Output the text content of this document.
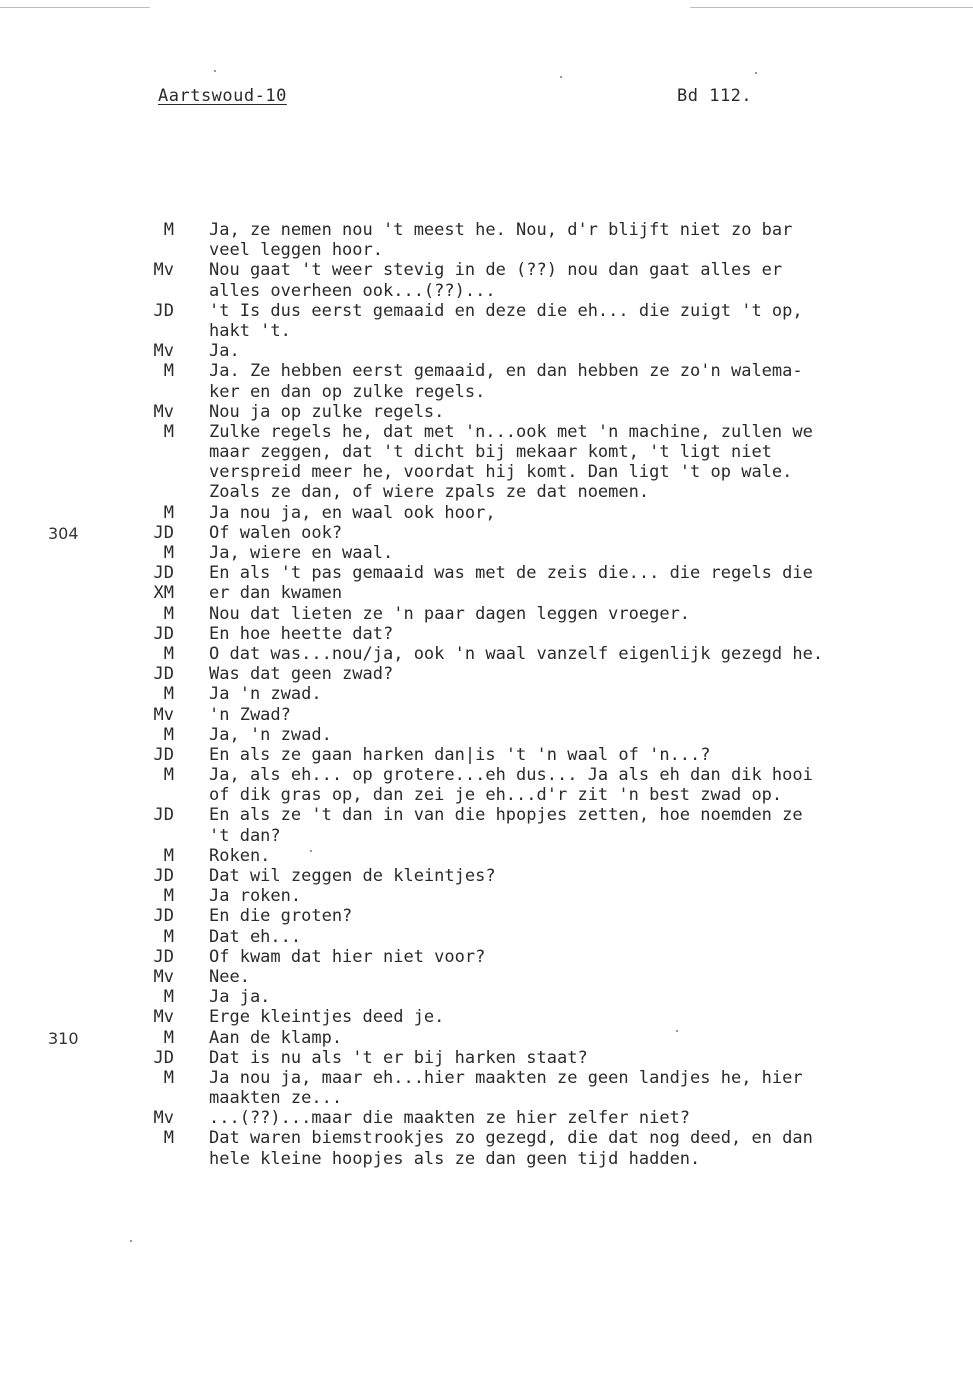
Aartswoud-10	Bd 112.
304
310
M Ja, ze nemen nou 't meest he. Nou, d'r blijft niet zo bar
veel leggen hoor.
Mv Nou gaat 't weer stevig in de (??) nou dan gaat alles er
alles overheen ook...(??)...
JD 't Is dus eerst gemaaid en deze die eh... die zuigt 't op,
hakt 't.
Mv Ja.
M Ja. Ze hebben eerst gemaaid, en dan hebben ze zo'n walema-
ker en dan op zulke regels.
Mv Nou ja op zulke regels.
M Zulke regels he, dat met 'n...ook met 'n machine, zullen we
maar zeggen, dat 't dicht bij mekaar komt, 't ligt niet
verspreid meer he, voordat hij komt. Dan ligt 't op wale.
Zoals ze dan, of wiere zpals ze dat noemen.
M Ja nou ja, en waal ook hoor,
JD Of walen ook?
M Ja, wiere en waal.
JD En als 't pas gemaaid was met de zeis die... die regels die
XM er dan kwamen
M Nou dat lieten ze 'n paar dagen leggen vroeger.
JD En hoe heette dat?
M O dat was...nou/ja, ook 'n waal vanzelf eigenlijk gezegd he.
JD Was dat geen zwad?
M Ja 'n zwad.
Mv 'n Zwad?
M Ja, 'n zwad.
JD En als ze gaan harken dan|is 't 'n waal of 'n...?
M Ja, als eh... op grotere...eh dus... Ja als eh dan dik hooi
of dik gras op, dan zei je eh...d'r zit 'n best zwad op.
JD En als ze 't dan in van die hpopjes zetten, hoe noemden ze
't dan?
M Roken.
JD Dat wil zeggen de kleintjes?
M Ja roken.
JD En die groten?
M Dat eh...
JD Of kwam dat hier niet voor?
Mv Nee.
M Ja ja.
Mv Erge kleintjes deed je.
M Aan de klamp.
JD Dat is nu als 't er bij harken staat?
M Ja nou ja, maar eh...hier maakten ze geen landjes he, hier
maakten ze...
Mv ...(??)...maar die maakten ze hier zelfer niet?
M Dat waren biemstrookjes zo gezegd, die dat nog deed, en dan
hele kleine hoopjes als ze dan geen tijd hadden.
